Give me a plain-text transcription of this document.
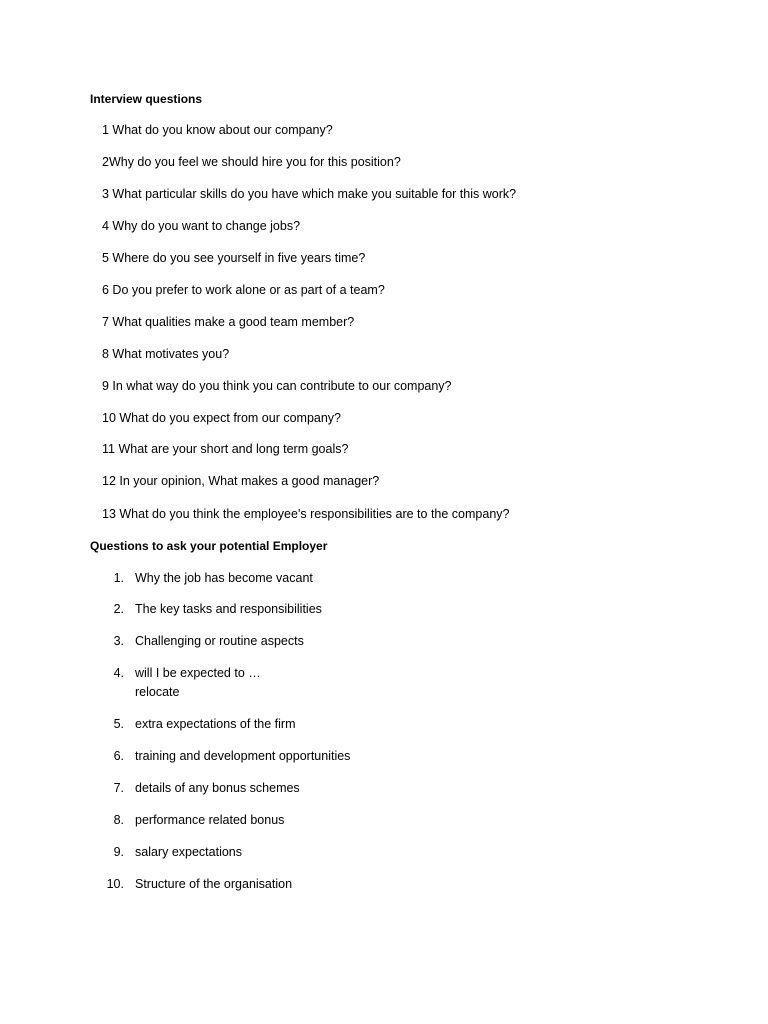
Interview questions
1 What do you know about our company?
2Why do you feel we should hire you for this position?
3 What particular skills do you have which make you suitable for this work?
4 Why do you want to change jobs?
5 Where do you see yourself in five years time?
6 Do you prefer to work alone or as part of a team?
7 What qualities make a good team member?
8 What motivates you?
9 In what way do you think you can contribute to our company?
10 What do you expect from our company?
11 What are your short and long term goals?
12 In your opinion, What makes a good manager?
13 What do you think the employee's responsibilities are to the company?
Questions to ask your potential Employer
1. Why the job has become vacant
2. The key tasks and responsibilities
3. Challenging or routine aspects
4. will I be expected to …
relocate
5. extra expectations of the firm
6. training and development opportunities
7. details of any bonus schemes
8. performance related bonus
9. salary expectations
10. Structure of the organisation
